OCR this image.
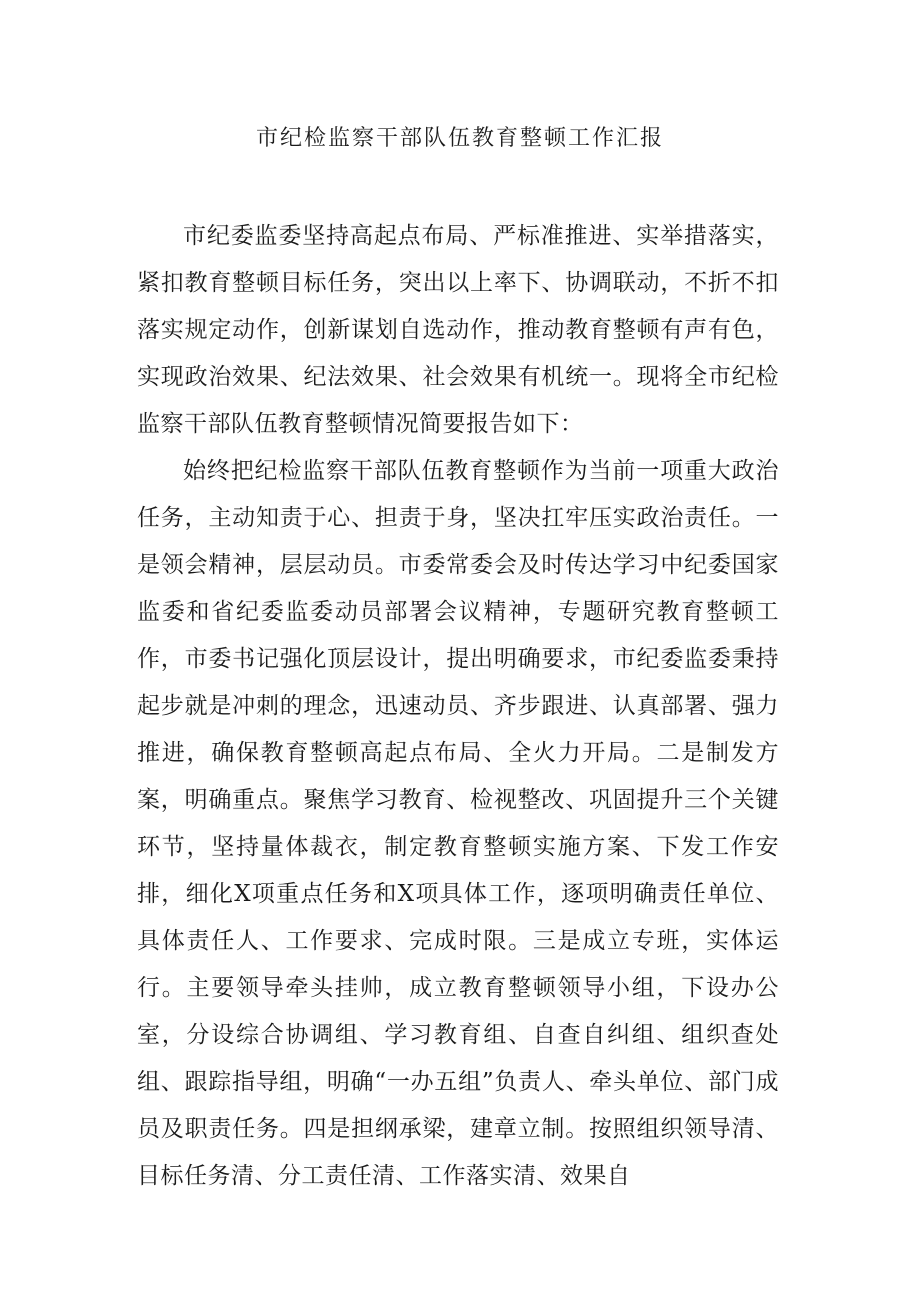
市纪检监察干部队伍教育整顿工作汇报

市纪委监委坚持高起点布局、严标准推进、实举措落实，紧扣教育整顿目标任务，突出以上率下、协调联动，不折不扣落实规定动作，创新谋划自选动作，推动教育整顿有声有色，实现政治效果、纪法效果、社会效果有机统一。现将全市纪检监察干部队伍教育整顿情况简要报告如下：

始终把纪检监察干部队伍教育整顿作为当前一项重大政治任务，主动知责于心、担责于身，坚决扛牢压实政治责任。一是领会精神，层层动员。市委常委会及时传达学习中纪委国家监委和省纪委监委动员部署会议精神，专题研究教育整顿工作，市委书记强化顶层设计，提出明确要求，市纪委监委秉持起步就是冲刺的理念，迅速动员、齐步跟进、认真部署、强力推进，确保教育整顿高起点布局、全火力开局。二是制发方案，明确重点。聚焦学习教育、检视整改、巩固提升三个关键环节，坚持量体裁衣，制定教育整顿实施方案、下发工作安排，细化X项重点任务和X项具体工作，逐项明确责任单位、具体责任人、工作要求、完成时限。三是成立专班，实体运行。主要领导牵头挂帅，成立教育整顿领导小组，下设办公室，分设综合协调组、学习教育组、自查自纠组、组织查处组、跟踪指导组，明确“一办五组”负责人、牵头单位、部门成员及职责任务。四是担纲承梁，建章立制。按照组织领导清、目标任务清、分工责任清、工作落实清、效果自
